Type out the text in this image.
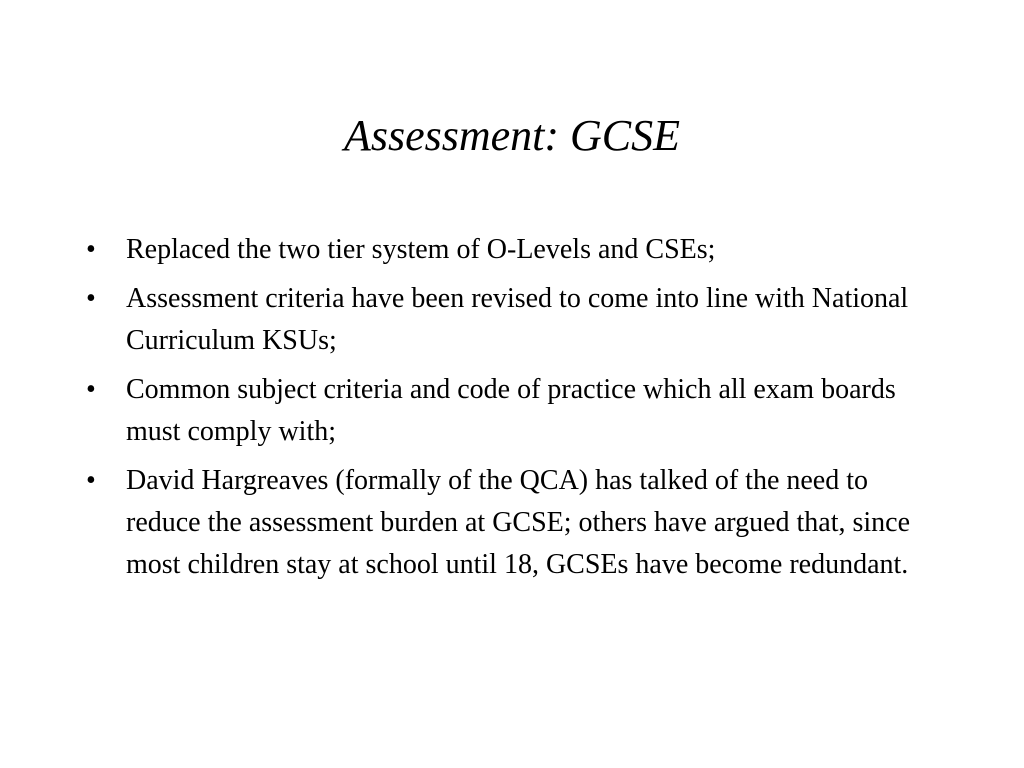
Assessment: GCSE
•	Replaced the two tier system of O-Levels and CSEs;
•	Assessment criteria have been revised to come into line with National Curriculum KSUs;
•	Common subject criteria and code of practice which all exam boards must comply with;
•	David Hargreaves (formally of the QCA) has talked of the need to reduce the assessment burden at GCSE; others have argued that, since most children stay at school until 18, GCSEs have become redundant.
